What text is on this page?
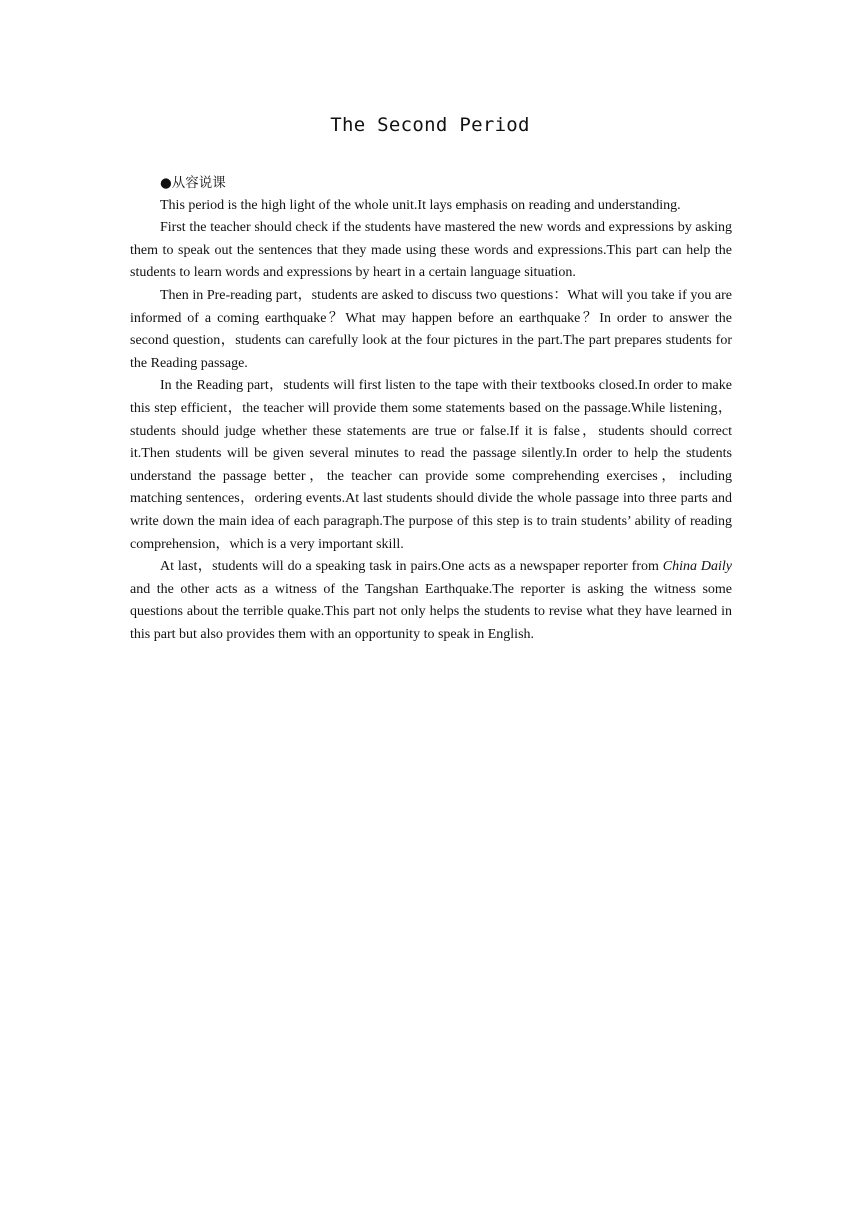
The Second Period

●从容说课

This period is the high light of the whole unit.It lays emphasis on reading and understanding.

First the teacher should check if the students have mastered the new words and expressions by asking them to speak out the sentences that they made using these words and expressions.This part can help the students to learn words and expressions by heart in a certain language situation.

Then in Pre-reading part，students are asked to discuss two questions：What will you take if you are informed of a coming earthquake？What may happen before an earthquake？In order to answer the second question，students can carefully look at the four pictures in the part.The part prepares students for the Reading passage.

In the Reading part，students will first listen to the tape with their textbooks closed.In order to make this step efficient，the teacher will provide them some statements based on the passage.While listening，students should judge whether these statements are true or false.If it is false，students should correct it.Then students will be given several minutes to read the passage silently.In order to help the students understand the passage better，the teacher can provide some comprehending exercises，including matching sentences，ordering events.At last students should divide the whole passage into three parts and write down the main idea of each paragraph.The purpose of this step is to train students’ ability of reading comprehension，which is a very important skill.

At last，students will do a speaking task in pairs.One acts as a newspaper reporter from China Daily and the other acts as a witness of the Tangshan Earthquake.The reporter is asking the witness some questions about the terrible quake.This part not only helps the students to revise what they have learned in this part but also provides them with an opportunity to speak in English.
